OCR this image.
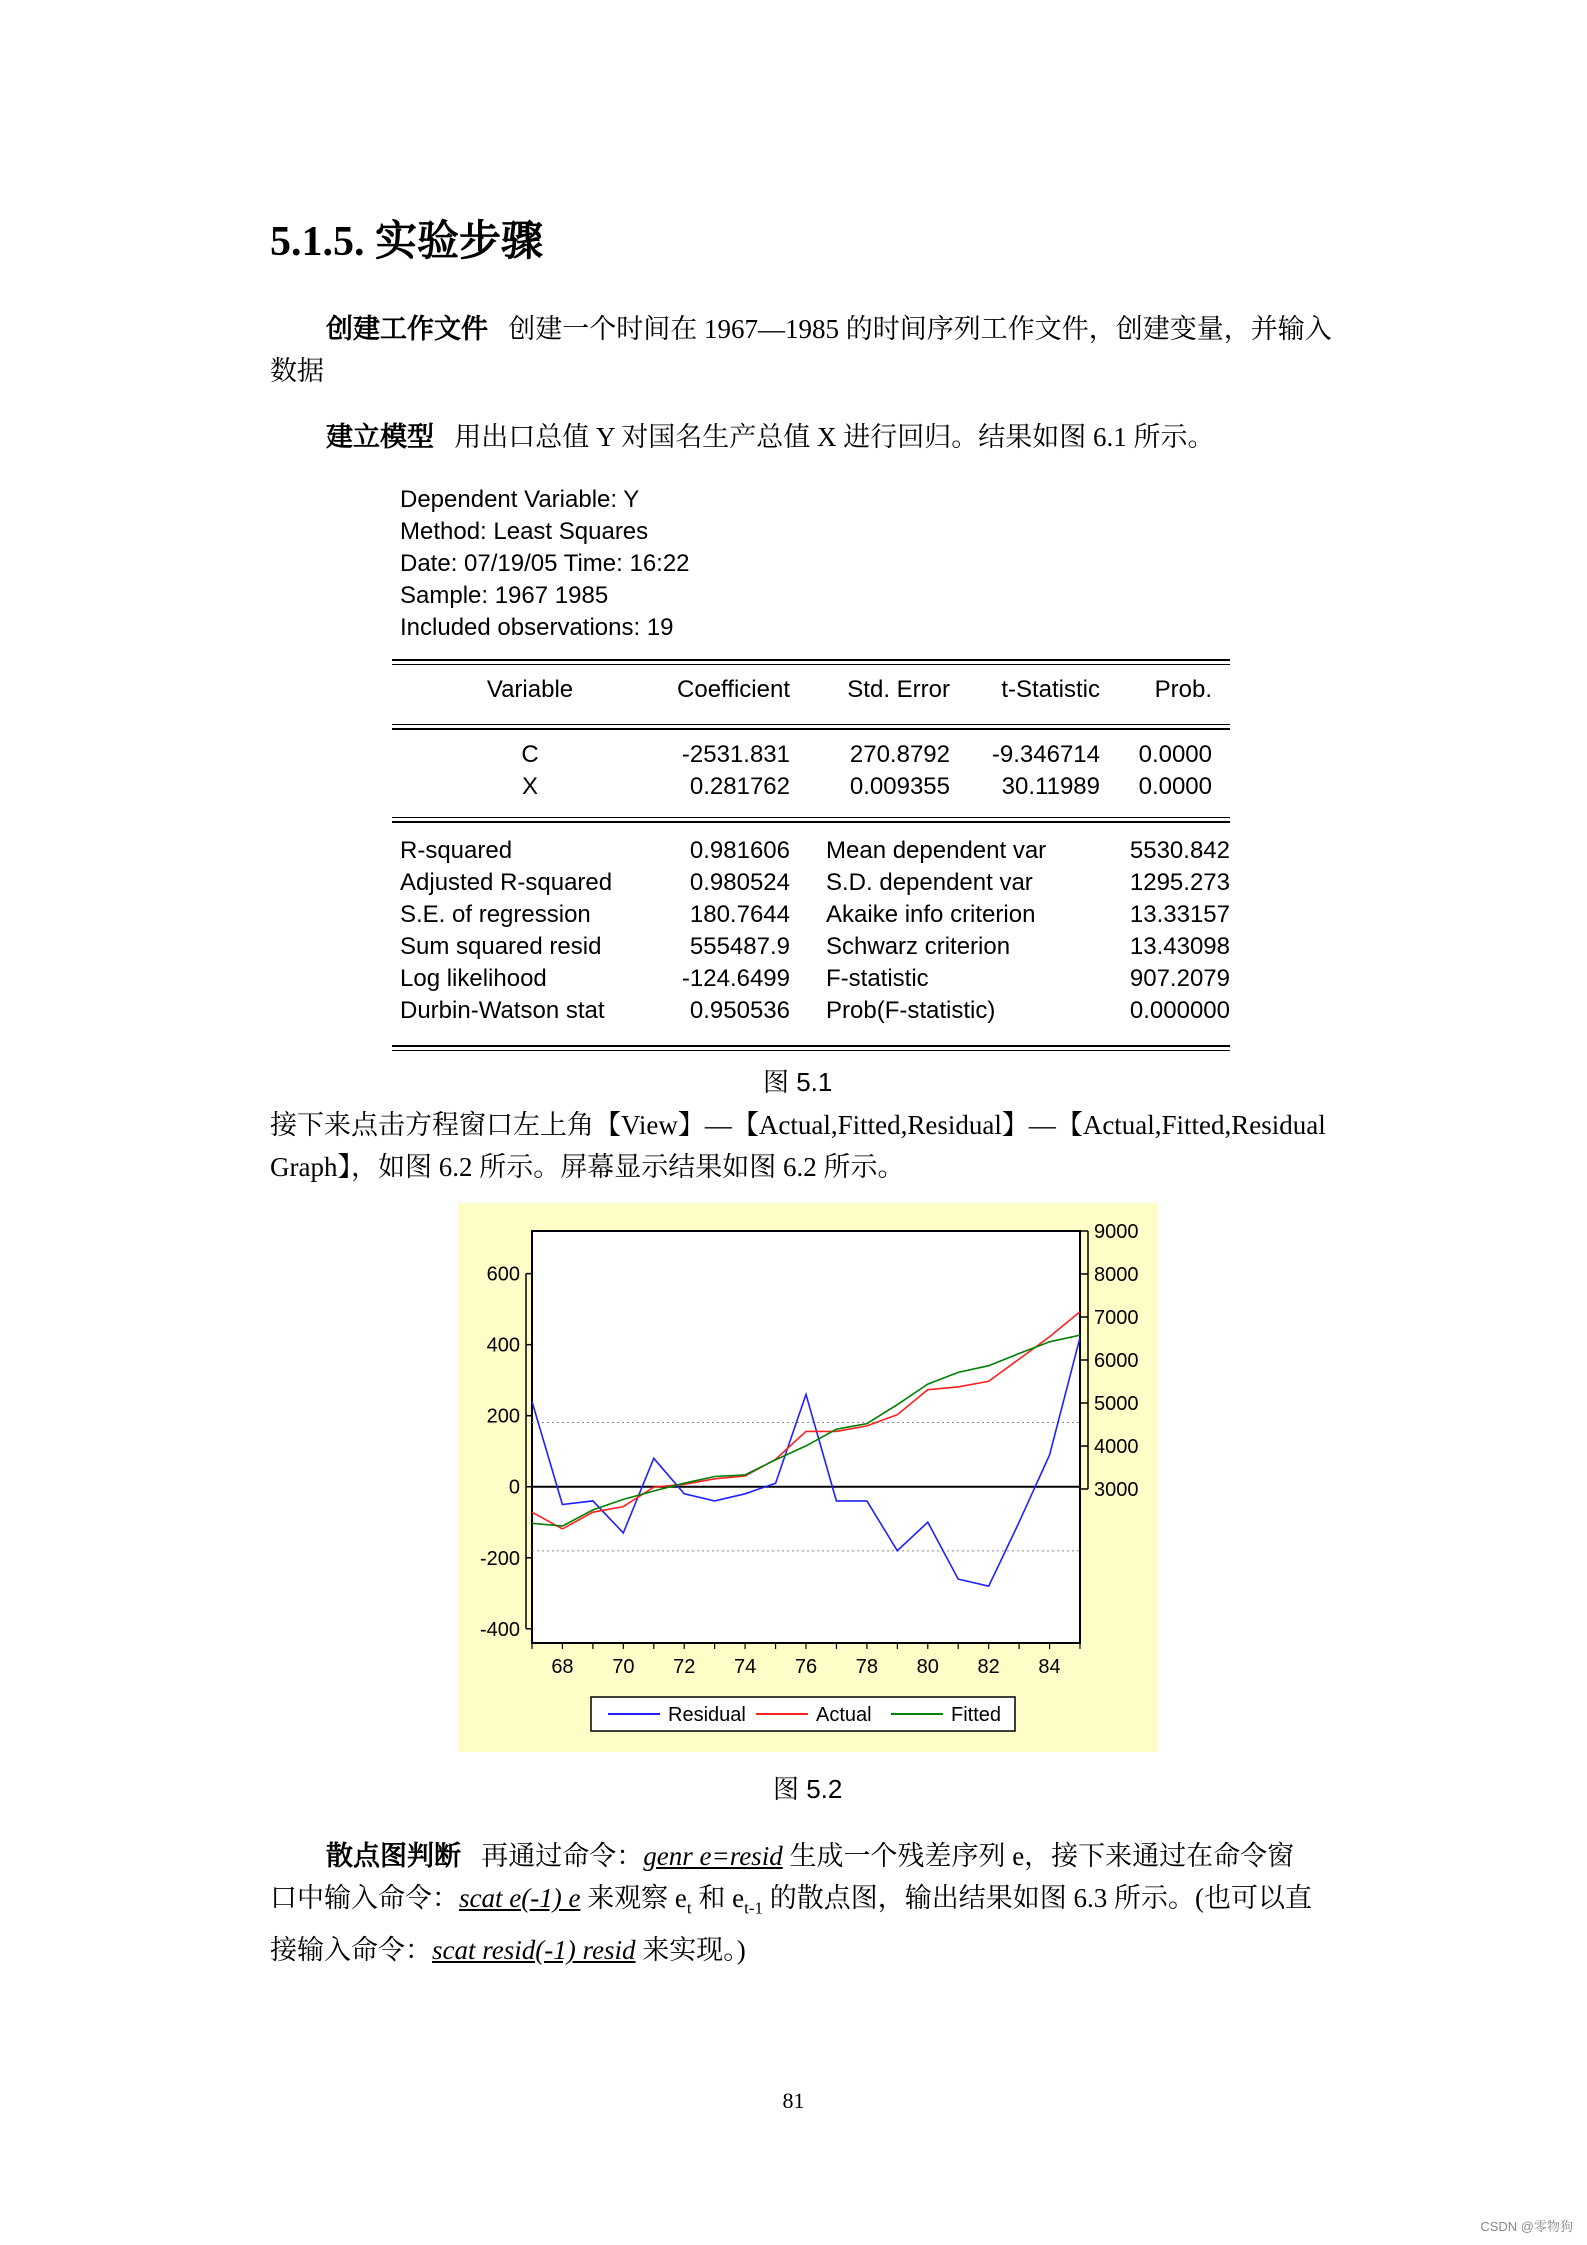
5.1.5. 实验步骤
创建工作文件 创建一个时间在 1967—1985 的时间序列工作文件，创建变量，并输入数据
建立模型 用出口总值 Y 对国名生产总值 X 进行回归。结果如图 6.1 所示。
Dependent Variable: Y
Method: Least Squares
Date: 07/19/05 Time: 16:22
Sample: 1967 1985
Included observations: 19
Variable	Coefficient	Std. Error	t-Statistic	Prob.
C	-2531.831	270.8792	-9.346714	0.0000
X	0.281762	0.009355	30.11989	0.0000
R-squared	0.981606 Mean dependent var	5530.842
Adjusted R-squared	0.980524 S.D. dependent var	1295.273
S.E. of regression	180.7644 Akaike info criterion	13.33157
Sum squared resid	555487.9 Schwarz criterion	13.43098
Log likelihood	-124.6499 F-statistic	907.2079
Durbin-Watson stat	0.950536 Prob(F-statistic)	0.000000
图 5.1
接下来点击方程窗口左上角【View】—【Actual,Fitted,Residual】—【Actual,Fitted,Residual
Graph】，如图 6.2 所示。屏幕显示结果如图 6.2 所示。
600
400
200
0
-200
-400
9000
8000
7000
6000
5000
4000
3000
68 70 72 74 76 78 80 82 84
Residual	Actual	Fitted
图 5.2
散点图判断 再通过命令：genr e=resid 生成一个残差序列 e，接下来通过在命令窗
口中输入命令：scat e(-1) e 来观察 $e_t$ 和 $e_{t-1}$ 的散点图，输出结果如图 6.3 所示。(也可以直
接输入命令：scat resid(-1) resid 来实现。)
81
CSDN @零物狗
